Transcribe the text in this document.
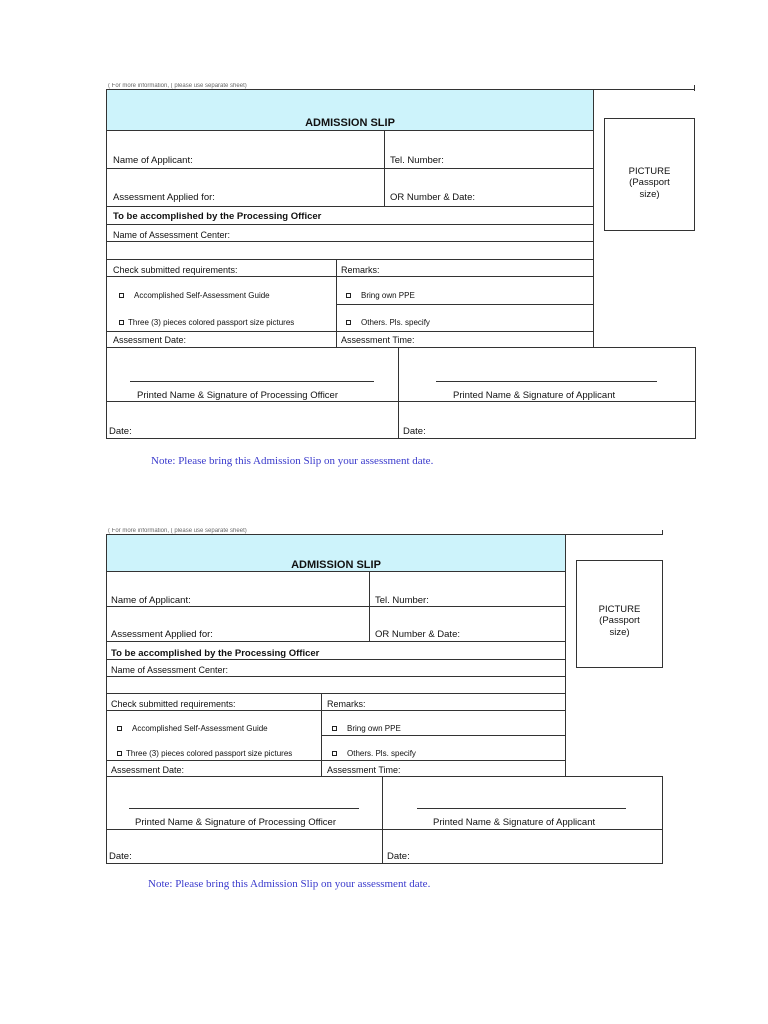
( For more information, ( please use separate sheet)
ADMISSION SLIP
Name of Applicant:	Tel. Number:
Assessment Applied for:	OR Number & Date:
To be accomplished by the Processing Officer
Name of Assessment Center:
Check submitted requirements:	Remarks:
Accomplished Self-Assessment Guide	Bring own PPE
Three (3) pieces colored passport size pictures	Others. Pls. specify
Assessment Date:	Assessment Time:
PICTURE
(Passport
size)
Printed Name & Signature of Processing Officer	Printed Name & Signature of Applicant
Date:	Date:
Note: Please bring this Admission Slip on your assessment date.
( For more information, ( please use separate sheet)
ADMISSION SLIP
Name of Applicant:	Tel. Number:
Assessment Applied for:	OR Number & Date:
To be accomplished by the Processing Officer
Name of Assessment Center:
Check submitted requirements:	Remarks:
Accomplished Self-Assessment Guide	Bring own PPE
Three (3) pieces colored passport size pictures	Others. Pls. specify
Assessment Date:	Assessment Time:
PICTURE
(Passport
size)
Printed Name & Signature of Processing Officer	Printed Name & Signature of Applicant
Date:	Date:
Note: Please bring this Admission Slip on your assessment date.
